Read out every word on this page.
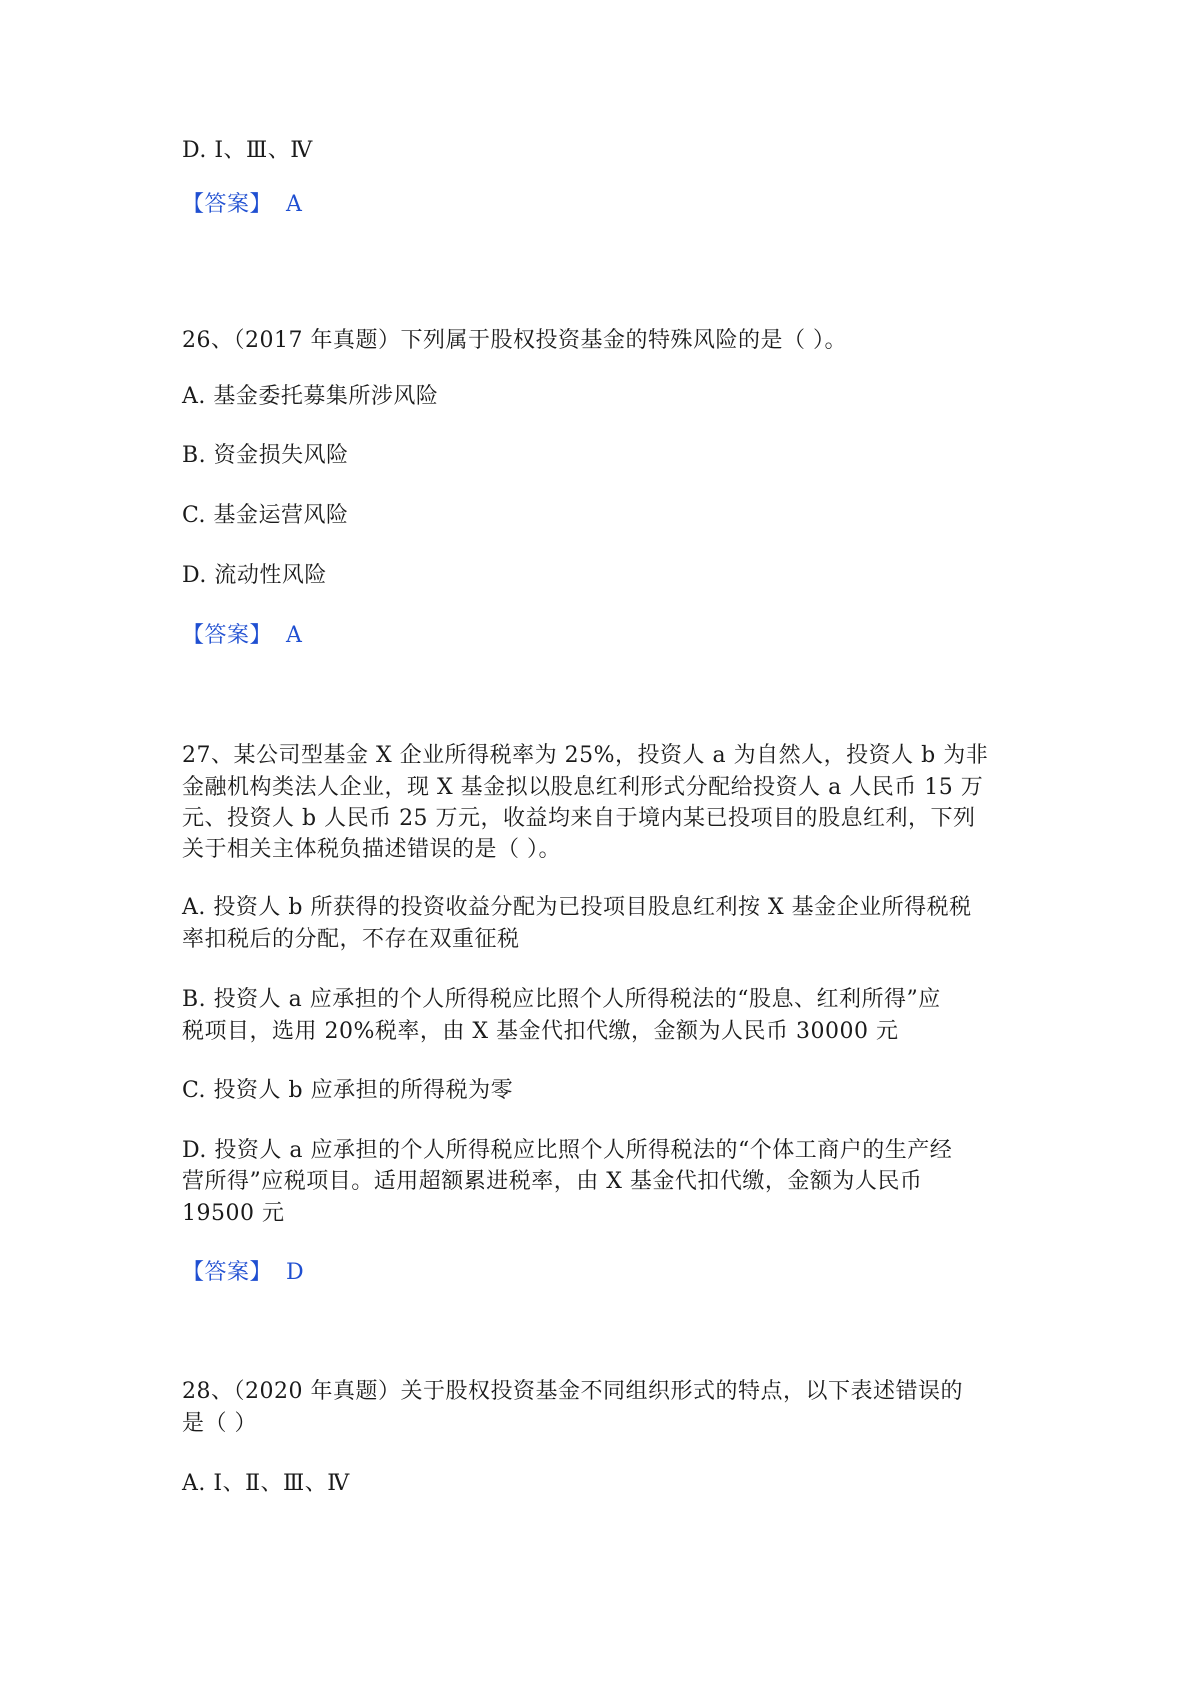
D. Ⅰ、Ⅲ、Ⅳ
【答案】 A
26、（2017 年真题）下列属于股权投资基金的特殊风险的是（ ）。
A. 基金委托募集所涉风险
B. 资金损失风险
C. 基金运营风险
D. 流动性风险
【答案】 A
27、某公司型基金 X 企业所得税率为 25%，投资人 a 为自然人，投资人 b 为非
金融机构类法人企业，现 X 基金拟以股息红利形式分配给投资人 a 人民币 15 万
元、投资人 b 人民币 25 万元，收益均来自于境内某已投项目的股息红利，下列
关于相关主体税负描述错误的是（ ）。
A. 投资人 b 所获得的投资收益分配为已投项目股息红利按 X 基金企业所得税税
率扣税后的分配，不存在双重征税
B. 投资人 a 应承担的个人所得税应比照个人所得税法的“股息、红利所得”应
税项目，选用 20%税率，由 X 基金代扣代缴，金额为人民币 30000 元
C. 投资人 b 应承担的所得税为零
D. 投资人 a 应承担的个人所得税应比照个人所得税法的“个体工商户的生产经
营所得”应税项目。适用超额累进税率，由 X 基金代扣代缴，金额为人民币
19500 元
【答案】 D
28、（2020 年真题）关于股权投资基金不同组织形式的特点，以下表述错误的
是（ ）
A. Ⅰ、Ⅱ、Ⅲ、Ⅳ
